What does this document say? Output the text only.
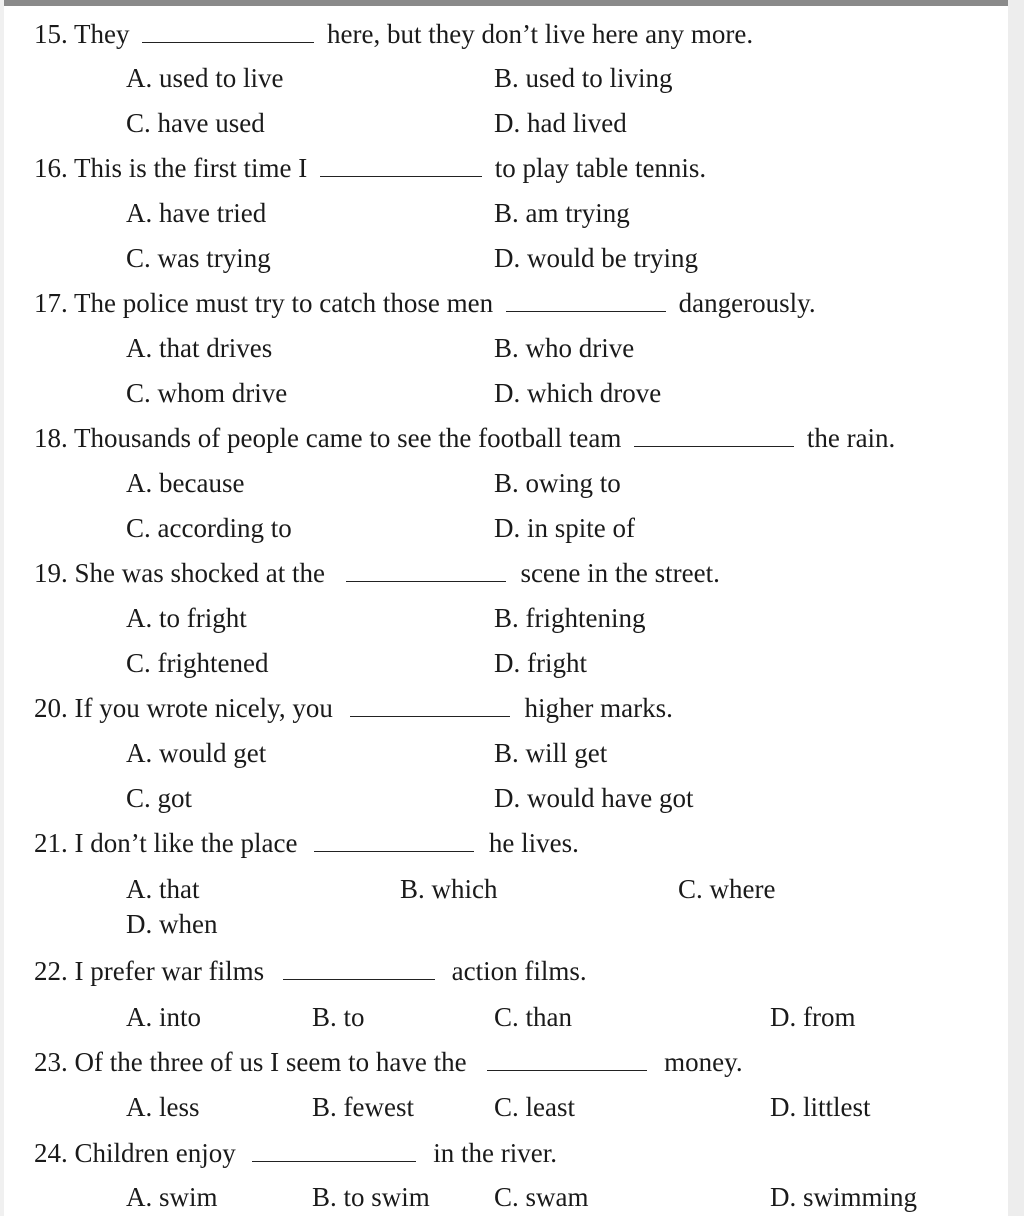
15. They	here, but they don’t live here any more.
A. used to live	B. used to living
C. have used	D. had lived
16. This is the first time I	to play table tennis.
A. have tried	B. am trying
C. was trying	D. would be trying
17. The police must try to catch those men	dangerously.
A. that drives	B. who drive
C. whom drive	D. which drove
18. Thousands of people came to see the football team	the rain.
A. because	B. owing to
C. according to	D. in spite of
19. She was shocked at the	scene in the street.
A. to fright	B. frightening
C. frightened	D. fright
20. If you wrote nicely, you	higher marks.
A. would get	B. will get
C. got	D. would have got
21. I don’t like the place	he lives.
A. that	B. which	C. where
D. when
22. I prefer war films	action films.
A. into	B. to	C. than	D. from
23. Of the three of us I seem to have the	money.
A. less	B. fewest	C. least	D. littlest
24. Children enjoy	in the river.
A. swim	B. to swim C. swam	D. swimming
